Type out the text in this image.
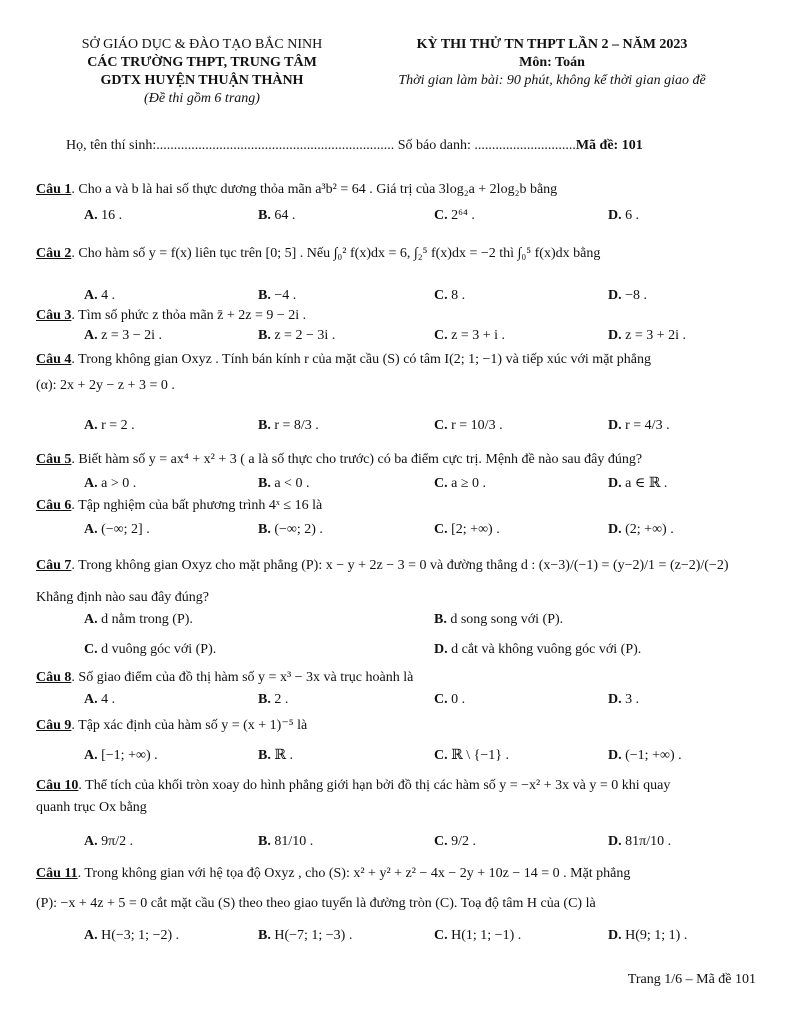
SỞ GIÁO DỤC & ĐÀO TẠO BẮC NINH
CÁC TRƯỜNG THPT, TRUNG TÂM
GDTX HUYỆN THUẬN THÀNH
(Đề thi gồm 6 trang)
KỲ THI THỬ TN THPT LẦN 2 – NĂM 2023
Môn: Toán
Thời gian làm bài: 90 phút, không kể thời gian giao đề
Họ, tên thí sinh:.................................................................... Số báo danh: .............................Mã đề: 101
Câu 1. Cho a và b là hai số thực dương thỏa mãn a³b² = 64 . Giá trị của 3log₂a + 2log₂b bằng
A. 16 .	B. 64 .	C. 2⁶⁴ .	D. 6 .
Câu 2. Cho hàm số y = f(x) liên tục trên [0; 5] . Nếu ∫₀² f(x)dx = 6, ∫₂⁵ f(x)dx = −2 thì ∫₀⁵ f(x)dx bằng
A. 4 .	B. −4 .	C. 8 .	D. −8 .
Câu 3. Tìm số phức z thỏa mãn z̄ + 2z = 9 − 2i .
A. z = 3 − 2i .	B. z = 2 − 3i .	C. z = 3 + i .	D. z = 3 + 2i .
Câu 4. Trong không gian Oxyz . Tính bán kính r của mặt cầu (S) có tâm I(2; 1; −1) và tiếp xúc với mặt phẳng
(α): 2x + 2y − z + 3 = 0 .
A. r = 2 .	B. r = 8/3 .	C. r = 10/3 .	D. r = 4/3 .
Câu 5. Biết hàm số y = ax⁴ + x² + 3 ( a là số thực cho trước) có ba điểm cực trị. Mệnh đề nào sau đây đúng?
A. a > 0 .	B. a < 0 .	C. a ≥ 0 .	D. a ∈ ℝ .
Câu 6. Tập nghiệm của bất phương trình 4ˣ ≤ 16 là
A. (−∞; 2] .	B. (−∞; 2) .	C. [2; +∞) .	D. (2; +∞) .
Câu 7. Trong không gian Oxyz cho mặt phẳng (P): x − y + 2z − 3 = 0 và đường thẳng d : (x−3)/(−1) = (y−2)/1 = (z−2)/(−2)
Khẳng định nào sau đây đúng?
A. d nằm trong (P).	B. d song song với (P).
C. d vuông góc với (P).	D. d cắt và không vuông góc với (P).
Câu 8. Số giao điểm của đồ thị hàm số y = x³ − 3x và trục hoành là
A. 4 .	B. 2 .	C. 0 .	D. 3 .
Câu 9. Tập xác định của hàm số y = (x + 1)⁻⁵ là
A. [−1; +∞) .	B. ℝ .	C. ℝ \ {−1} .	D. (−1; +∞) .
Câu 10. Thể tích của khối tròn xoay do hình phẳng giới hạn bởi đồ thị các hàm số y = −x² + 3x và y = 0 khi quay
quanh trục Ox bằng
A. 9π/2 .	B. 81/10 .	C. 9/2 .	D. 81π/10 .
Câu 11. Trong không gian với hệ tọa độ Oxyz , cho (S): x² + y² + z² − 4x − 2y + 10z − 14 = 0 . Mặt phẳng
(P): −x + 4z + 5 = 0 cắt mặt cầu (S) theo theo giao tuyến là đường tròn (C). Toạ độ tâm H của (C) là
A. H(−3; 1; −2) .	B. H(−7; 1; −3) .	C. H(1; 1; −1) .	D. H(9; 1; 1) .
Trang 1/6 – Mã đề 101
